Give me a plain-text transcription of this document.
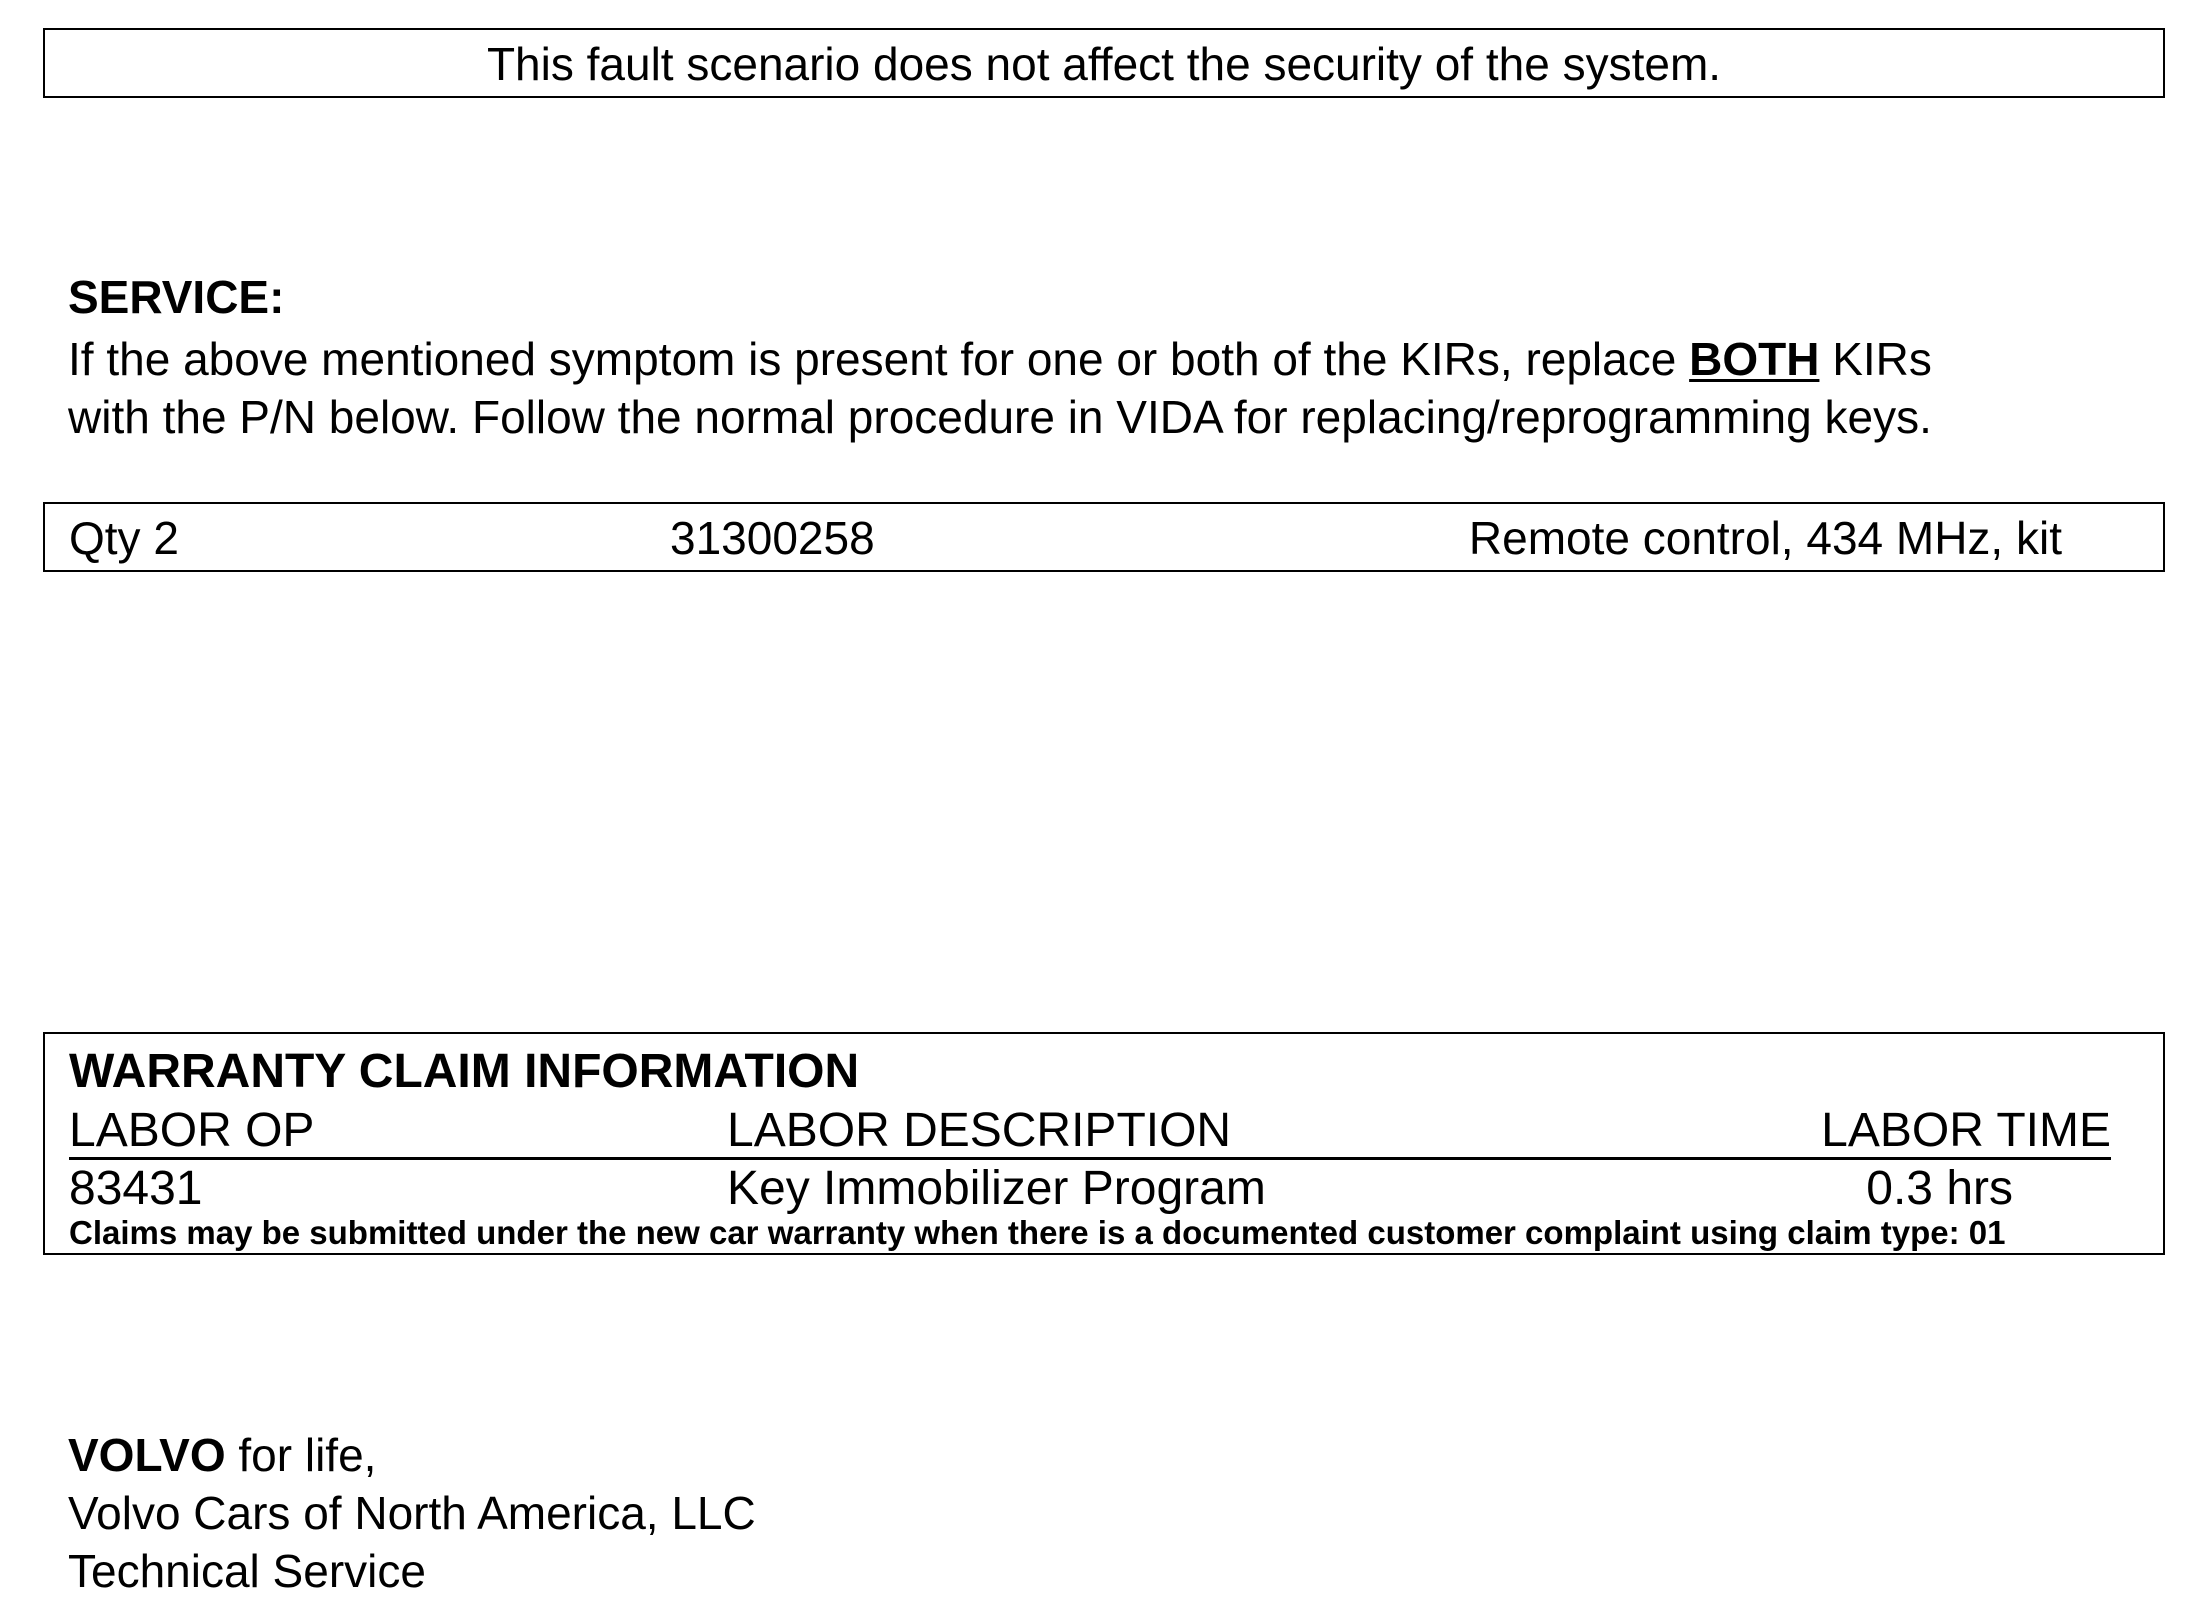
This fault scenario does not affect the security of the system.
SERVICE:
If the above mentioned symptom is present for one or both of the KIRs, replace BOTH KIRs
with the P/N below. Follow the normal procedure in VIDA for replacing/reprogramming keys.
Qty 2	31300258	Remote control, 434 MHz, kit
WARRANTY CLAIM INFORMATION
LABOR OP	LABOR DESCRIPTION	LABOR TIME
83431	Key Immobilizer Program	0.3 hrs
Claims may be submitted under the new car warranty when there is a documented customer complaint using claim type: 01
VOLVO for life,
Volvo Cars of North America, LLC
Technical Service
